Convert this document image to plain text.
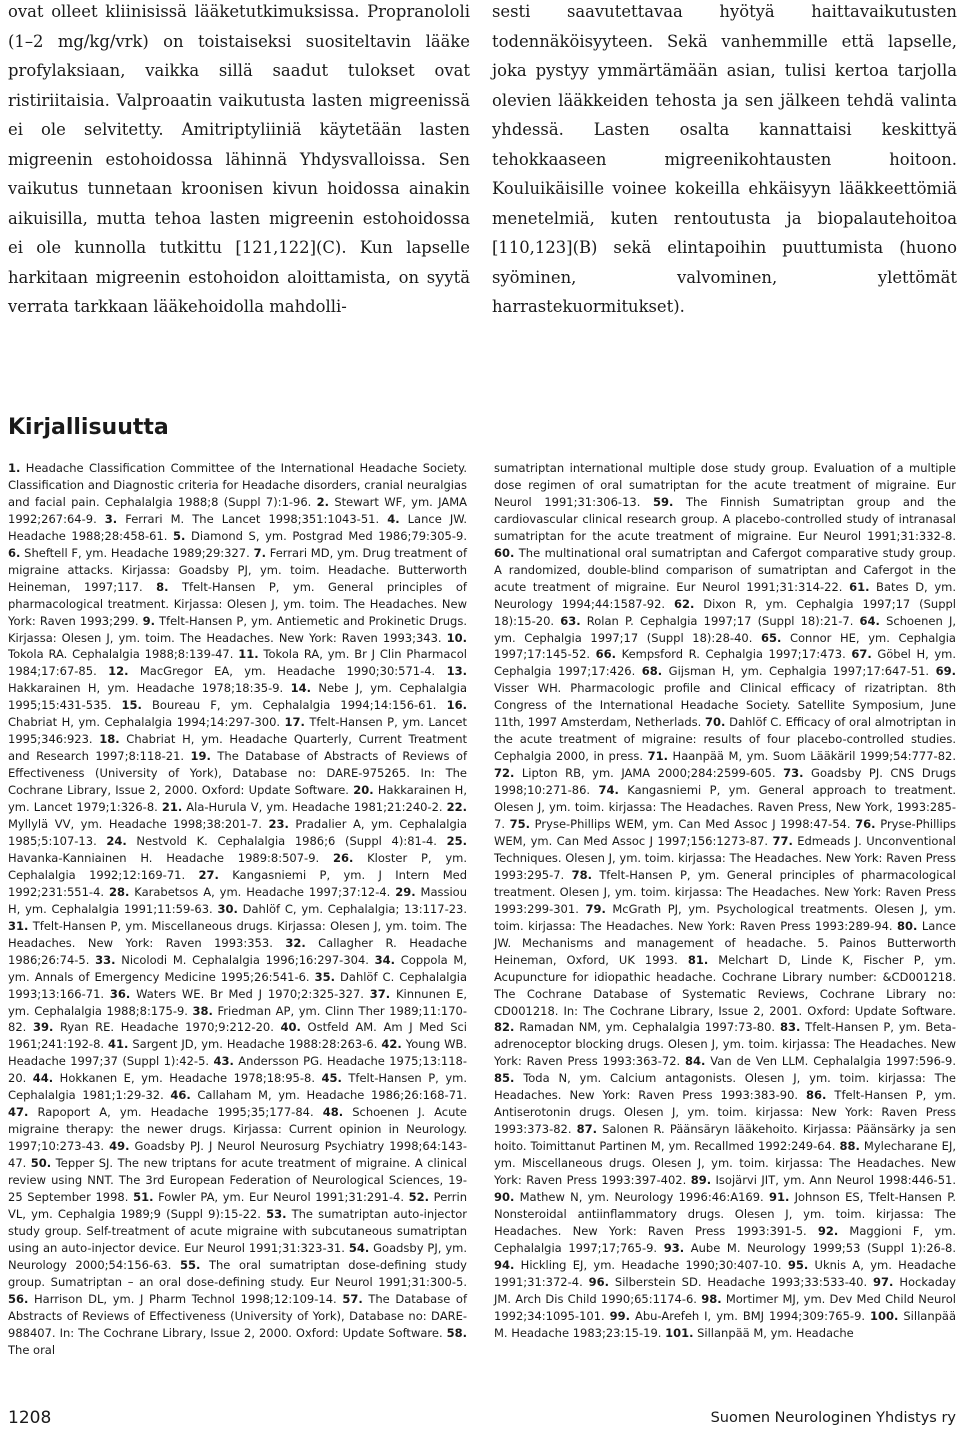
ovat olleet kliinisissä lääketutkimuksissa. Propranololi (1–2 mg/kg/vrk) on toistaiseksi suositeltavin lääke profylaksiaan, vaikka sillä saadut tulokset ovat ristiriitaisia. Valproaatin vaikutusta lasten migreenissä ei ole selvitetty. Amitriptyliiniä käytetään lasten migreenin estohoidossa lähinnä Yhdysvalloissa. Sen vaikutus tunnetaan kroonisen kivun hoidossa ainakin aikuisilla, mutta tehoa lasten migreenin estohoidossa ei ole kunnolla tutkittu [121,122](C). Kun lapselle harkitaan migreenin estohoidon aloittamista, on syytä verrata tarkkaan lääkehoidolla mahdolli-

sesti saavutettavaa hyötyä haittavaikutusten todennäköisyyteen. Sekä vanhemmille että lapselle, joka pystyy ymmärtämään asian, tulisi kertoa tarjolla olevien lääkkeiden tehosta ja sen jälkeen tehdä valinta yhdessä. Lasten osalta kannattaisi keskittyä tehokkaaseen migreenikohtausten hoitoon. Kouluikäisille voinee kokeilla ehkäisyyn lääkkeettömiä menetelmiä, kuten rentoutusta ja biopalautehoitoa [110,123](B) sekä elintapoihin puuttumista (huono syöminen, valvominen, ylettömät harrastekuormitukset).

Kirjallisuutta

1. Headache Classification Committee of the International Headache Society. Classification and Diagnostic criteria for Headache disorders, cranial neuralgias and facial pain. Cephalalgia 1988;8 (Suppl 7):1-96. 2. Stewart WF, ym. JAMA 1992;267:64-9. 3. Ferrari M. The Lancet 1998;351:1043-51. 4. Lance JW. Headache 1988;28:458-61. 5. Diamond S, ym. Postgrad Med 1986;79:305-9. 6. Sheftell F, ym. Headache 1989;29:327. 7. Ferrari MD, ym. Drug treatment of migraine attacks. Kirjassa: Goadsby PJ, ym. toim. Headache. Butterworth Heineman, 1997;117. 8. Tfelt-Hansen P, ym. General principles of pharmacological treatment. Kirjassa: Olesen J, ym. toim. The Headaches. New York: Raven 1993;299. 9. Tfelt-Hansen P, ym. Antiemetic and Prokinetic Drugs. Kirjassa: Olesen J, ym. toim. The Headaches. New York: Raven 1993;343. 10. Tokola RA. Cephalalgia 1988;8:139-47. 11. Tokola RA, ym. Br J Clin Pharmacol 1984;17:67-85. 12. MacGregor EA, ym. Headache 1990;30:571-4. 13. Hakkarainen H, ym. Headache 1978;18:35-9. 14. Nebe J, ym. Cephalalgia 1995;15:431-535. 15. Boureau F, ym. Cephalalgia 1994;14:156-61. 16. Chabriat H, ym. Cephalalgia 1994;14:297-300. 17. Tfelt-Hansen P, ym. Lancet 1995;346:923. 18. Chabriat H, ym. Headache Quarterly, Current Treatment and Research 1997;8:118-21. 19. The Database of Abstracts of Reviews of Effectiveness (University of York), Database no: DARE-975265. In: The Cochrane Library, Issue 2, 2000. Oxford: Update Software. 20. Hakkarainen H, ym. Lancet 1979;1:326-8. 21. Ala-Hurula V, ym. Headache 1981;21:240-2. 22. Myllylä VV, ym. Headache 1998;38:201-7. 23. Pradalier A, ym. Cephalalgia 1985;5:107-13. 24. Nestvold K. Cephalalgia 1986;6 (Suppl 4):81-4. 25. Havanka-Kanniainen H. Headache 1989:8:507-9. 26. Kloster P, ym. Cephalalgia 1992;12:169-71. 27. Kangasniemi P, ym. J Intern Med 1992;231:551-4. 28. Karabetsos A, ym. Headache 1997;37:12-4. 29. Massiou H, ym. Cephalalgia 1991;11:59-63. 30. Dahlöf C, ym. Cephalalgia; 13:117-23. 31. Tfelt-Hansen P, ym. Miscellaneous drugs. Kirjassa: Olesen J, ym. toim. The Headaches. New York: Raven 1993:353. 32. Callagher R. Headache 1986;26:74-5. 33. Nicolodi M. Cephalalgia 1996;16:297-304. 34. Coppola M, ym. Annals of Emergency Medicine 1995;26:541-6. 35. Dahlöf C. Cephalalgia 1993;13:166-71. 36. Waters WE. Br Med J 1970;2:325-327. 37. Kinnunen E, ym. Cephalalgia 1988;8:175-9. 38. Friedman AP, ym. Clinn Ther 1989;11:170-82. 39. Ryan RE. Headache 1970;9:212-20. 40. Ostfeld AM. Am J Med Sci 1961;241:192-8. 41. Sargent JD, ym. Headache 1988:28:263-6. 42. Young WB. Headache 1997;37 (Suppl 1):42-5. 43. Andersson PG. Headache 1975;13:118-20. 44. Hokkanen E, ym. Headache 1978;18:95-8. 45. Tfelt-Hansen P, ym. Cephalalgia 1981;1:29-32. 46. Callaham M, ym. Headache 1986;26:168-71. 47. Rapoport A, ym. Headache 1995;35;177-84. 48. Schoenen J. Acute migraine therapy: the newer drugs. Kirjassa: Current opinion in Neurology. 1997;10:273-43. 49. Goadsby PJ. J Neurol Neurosurg Psychiatry 1998;64:143-47. 50. Tepper SJ. The new triptans for acute treatment of migraine. A clinical review using NNT. The 3rd European Federation of Neurological Sciences, 19-25 September 1998. 51. Fowler PA, ym. Eur Neurol 1991;31:291-4. 52. Perrin VL, ym. Cephalgia 1989;9 (Suppl 9):15-22. 53. The sumatriptan auto-injector study group. Self-treatment of acute migraine with subcutaneous sumatriptan using an auto-injector device. Eur Neurol 1991;31:323-31. 54. Goadsby PJ, ym. Neurology 2000;54:156-63. 55. The oral sumatriptan dose-defining study group. Sumatriptan – an oral dose-defining study. Eur Neurol 1991;31:300-5. 56. Harrison DL, ym. J Pharm Technol 1998;12:109-14. 57. The Database of Abstracts of Reviews of Effectiveness (University of York), Database no: DARE-988407. In: The Cochrane Library, Issue 2, 2000. Oxford: Update Software. 58. The oral

sumatriptan international multiple dose study group. Evaluation of a multiple dose regimen of oral sumatriptan for the acute treatment of migraine. Eur Neurol 1991;31:306-13. 59. The Finnish Sumatriptan group and the cardiovascular clinical research group. A placebo-controlled study of intranasal sumatriptan for the acute treatment of migraine. Eur Neurol 1991;31:332-8. 60. The multinational oral sumatriptan and Cafergot comparative study group. A randomized, double-blind comparison of sumatriptan and Cafergot in the acute treatment of migraine. Eur Neurol 1991;31:314-22. 61. Bates D, ym. Neurology 1994;44:1587-92. 62. Dixon R, ym. Cephalgia 1997;17 (Suppl 18):15-20. 63. Rolan P. Cephalgia 1997;17 (Suppl 18):21-7. 64. Schoenen J, ym. Cephalgia 1997;17 (Suppl 18):28-40. 65. Connor HE, ym. Cephalgia 1997;17:145-52. 66. Kempsford R. Cephalgia 1997;17:473. 67. Göbel H, ym. Cephalgia 1997;17:426. 68. Gijsman H, ym. Cephalgia 1997;17:647-51. 69. Visser WH. Pharmacologic profile and Clinical efficacy of rizatriptan. 8th Congress of the International Headache Society. Satellite Symposium, June 11th, 1997 Amsterdam, Netherlads. 70. Dahlöf C. Efficacy of oral almotriptan in the acute treatment of migraine: results of four placebo-controlled studies. Cephalgia 2000, in press. 71. Haanpää M, ym. Suom Lääkäril 1999;54:777-82. 72. Lipton RB, ym. JAMA 2000;284:2599-605. 73. Goadsby PJ. CNS Drugs 1998;10:271-86. 74. Kangasniemi P, ym. General approach to treatment. Olesen J, ym. toim. kirjassa: The Headaches. Raven Press, New York, 1993:285-7. 75. Pryse-Phillips WEM, ym. Can Med Assoc J 1998:47-54. 76. Pryse-Phillips WEM, ym. Can Med Assoc J 1997;156:1273-87. 77. Edmeads J. Unconventional Techniques. Olesen J, ym. toim. kirjassa: The Headaches. New York: Raven Press 1993:295-7. 78. Tfelt-Hansen P, ym. General principles of pharmacological treatment. Olesen J, ym. toim. kirjassa: The Headaches. New York: Raven Press 1993:299-301. 79. McGrath PJ, ym. Psychological treatments. Olesen J, ym. toim. kirjassa: The Headaches. New York: Raven Press 1993:289-94. 80. Lance JW. Mechanisms and management of headache. 5. Painos Butterworth Heineman, Oxford, UK 1993. 81. Melchart D, Linde K, Fischer P, ym. Acupuncture for idiopathic headache. Cochrane Library number: &CD001218. The Cochrane Database of Systematic Reviews, Cochrane Library no: CD001218. In: The Cochrane Library, Issue 2, 2001. Oxford: Update Software. 82. Ramadan NM, ym. Cephalalgia 1997:73-80. 83. Tfelt-Hansen P, ym. Beta-adrenoceptor blocking drugs. Olesen J, ym. toim. kirjassa: The Headaches. New York: Raven Press 1993:363-72. 84. Van de Ven LLM. Cephalalgia 1997:596-9. 85. Toda N, ym. Calcium antagonists. Olesen J, ym. toim. kirjassa: The Headaches. New York: Raven Press 1993:383-90. 86. Tfelt-Hansen P, ym. Antiserotonin drugs. Olesen J, ym. toim. kirjassa: New York: Raven Press 1993:373-82. 87. Salonen R. Päänsäryn lääkehoito. Kirjassa: Päänsärky ja sen hoito. Toimittanut Partinen M, ym. Recallmed 1992:249-64. 88. Mylecharane EJ, ym. Miscellaneous drugs. Olesen J, ym. toim. kirjassa: The Headaches. New York: Raven Press 1993:397-402. 89. Isojärvi JIT, ym. Ann Neurol 1998:446-51. 90. Mathew N, ym. Neurology 1996:46:A169. 91. Johnson ES, Tfelt-Hansen P. Nonsteroidal antiinflammatory drugs. Olesen J, ym. toim. kirjassa: The Headaches. New York: Raven Press 1993:391-5. 92. Maggioni F, ym. Cephalalgia 1997;17;765-9. 93. Aube M. Neurology 1999;53 (Suppl 1):26-8. 94. Hickling EJ, ym. Headache 1990;30:407-10. 95. Uknis A, ym. Headache 1991;31:372-4. 96. Silberstein SD. Headache 1993;33:533-40. 97. Hockaday JM. Arch Dis Child 1990;65:1174-6. 98. Mortimer MJ, ym. Dev Med Child Neurol 1992;34:1095-101. 99. Abu-Arefeh I, ym. BMJ 1994;309:765-9. 100. Sillanpää M. Headache 1983;23:15-19. 101. Sillanpää M, ym. Headache

1208	Suomen Neurologinen Yhdistys ry
